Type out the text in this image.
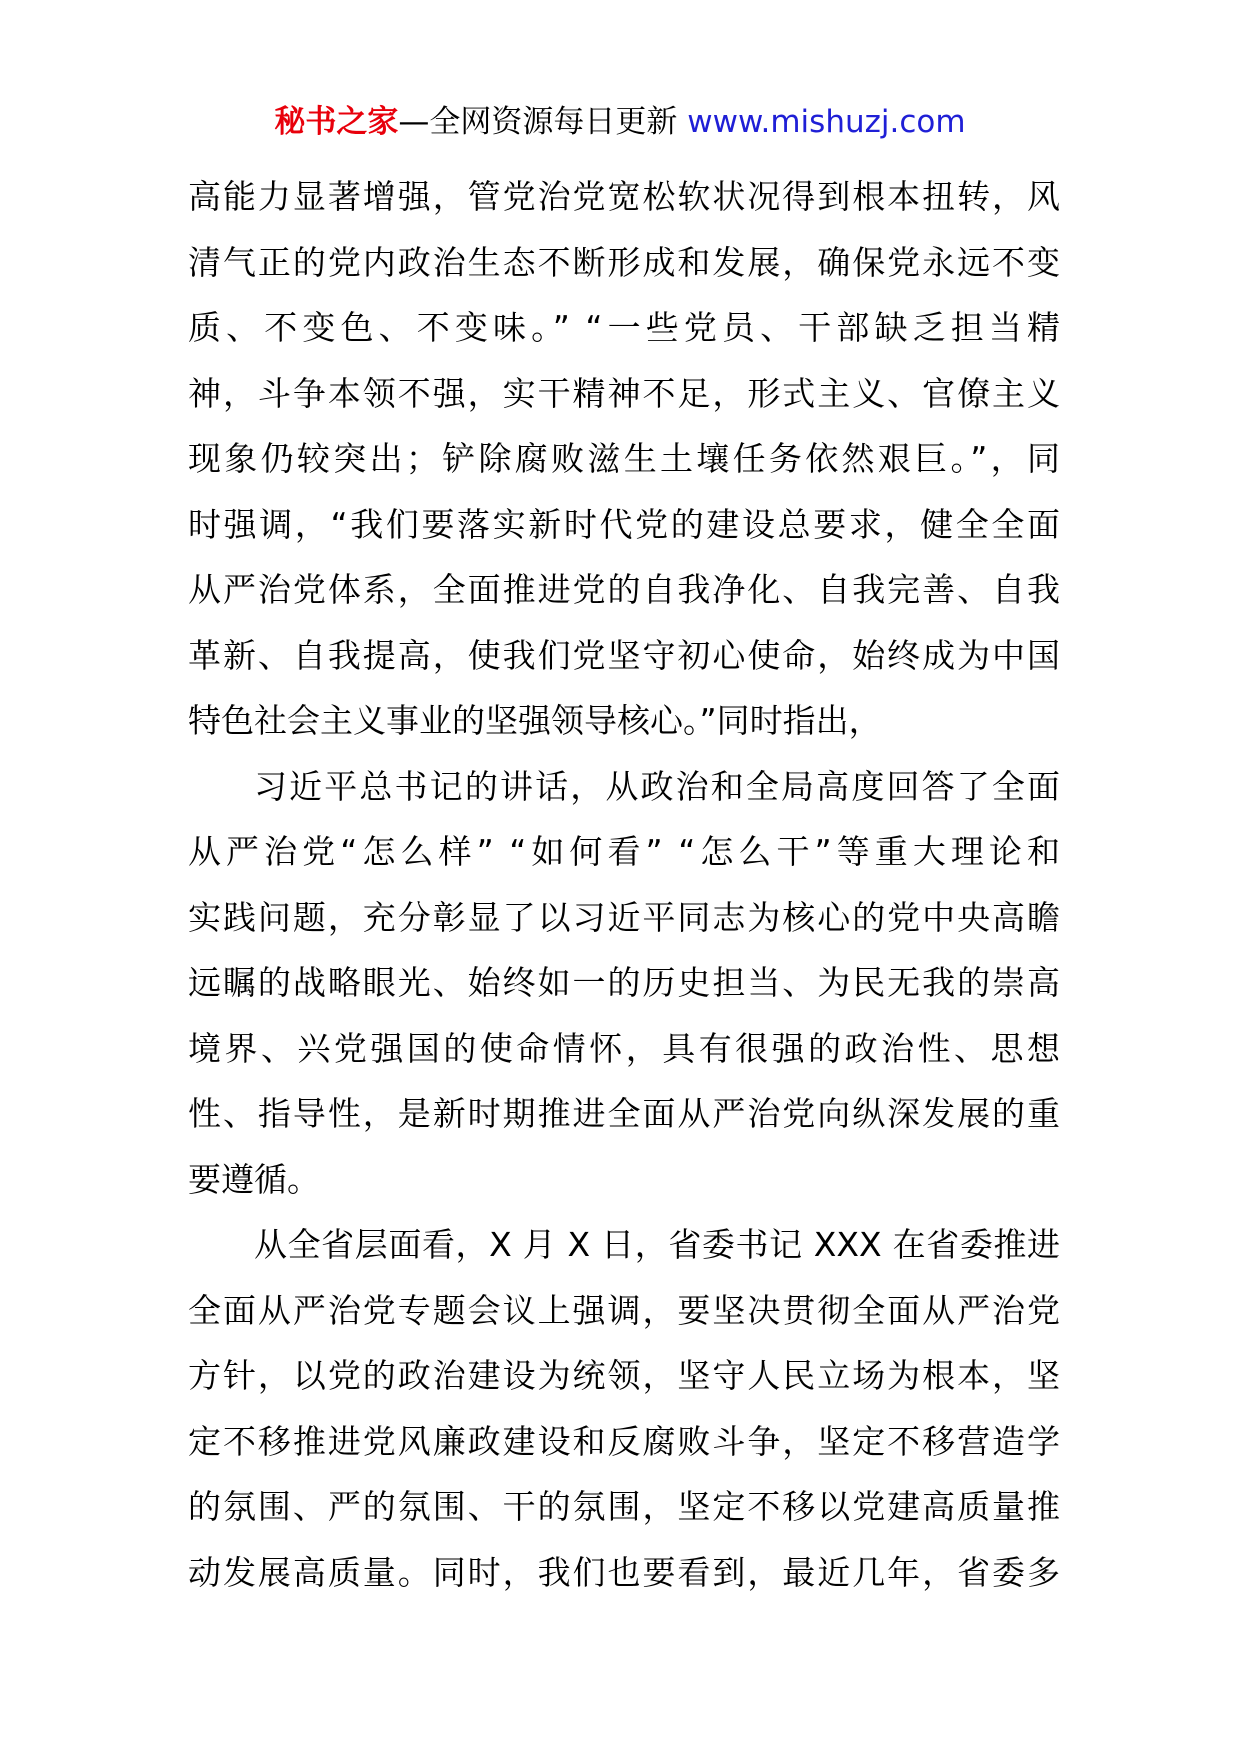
秘书之家—全网资源每日更新 www.mishuzj.com
高能力显著增强，管党治党宽松软状况得到根本扭转，风
清气正的党内政治生态不断形成和发展，确保党永远不变
质、不变色、不变味。” “一些党员、干部缺乏担当精
神，斗争本领不强，实干精神不足，形式主义、官僚主义
现象仍较突出；铲除腐败滋生土壤任务依然艰巨。”，同
时强调，“我们要落实新时代党的建设总要求，健全全面
从严治党体系，全面推进党的自我净化、自我完善、自我
革新、自我提高，使我们党坚守初心使命，始终成为中国
特色社会主义事业的坚强领导核心。”同时指出，
习近平总书记的讲话，从政治和全局高度回答了全面
从严治党“怎么样” “如何看” “怎么干”等重大理论和
实践问题，充分彰显了以习近平同志为核心的党中央高瞻
远瞩的战略眼光、始终如一的历史担当、为民无我的崇高
境界、兴党强国的使命情怀，具有很强的政治性、思想
性、指导性，是新时期推进全面从严治党向纵深发展的重
要遵循。
从全省层面看，X 月 X 日，省委书记 XXX 在省委推进
全面从严治党专题会议上强调，要坚决贯彻全面从严治党
方针，以党的政治建设为统领，坚守人民立场为根本，坚
定不移推进党风廉政建设和反腐败斗争，坚定不移营造学
的氛围、严的氛围、干的氛围，坚定不移以党建高质量推
动发展高质量。同时，我们也要看到，最近几年，省委多
